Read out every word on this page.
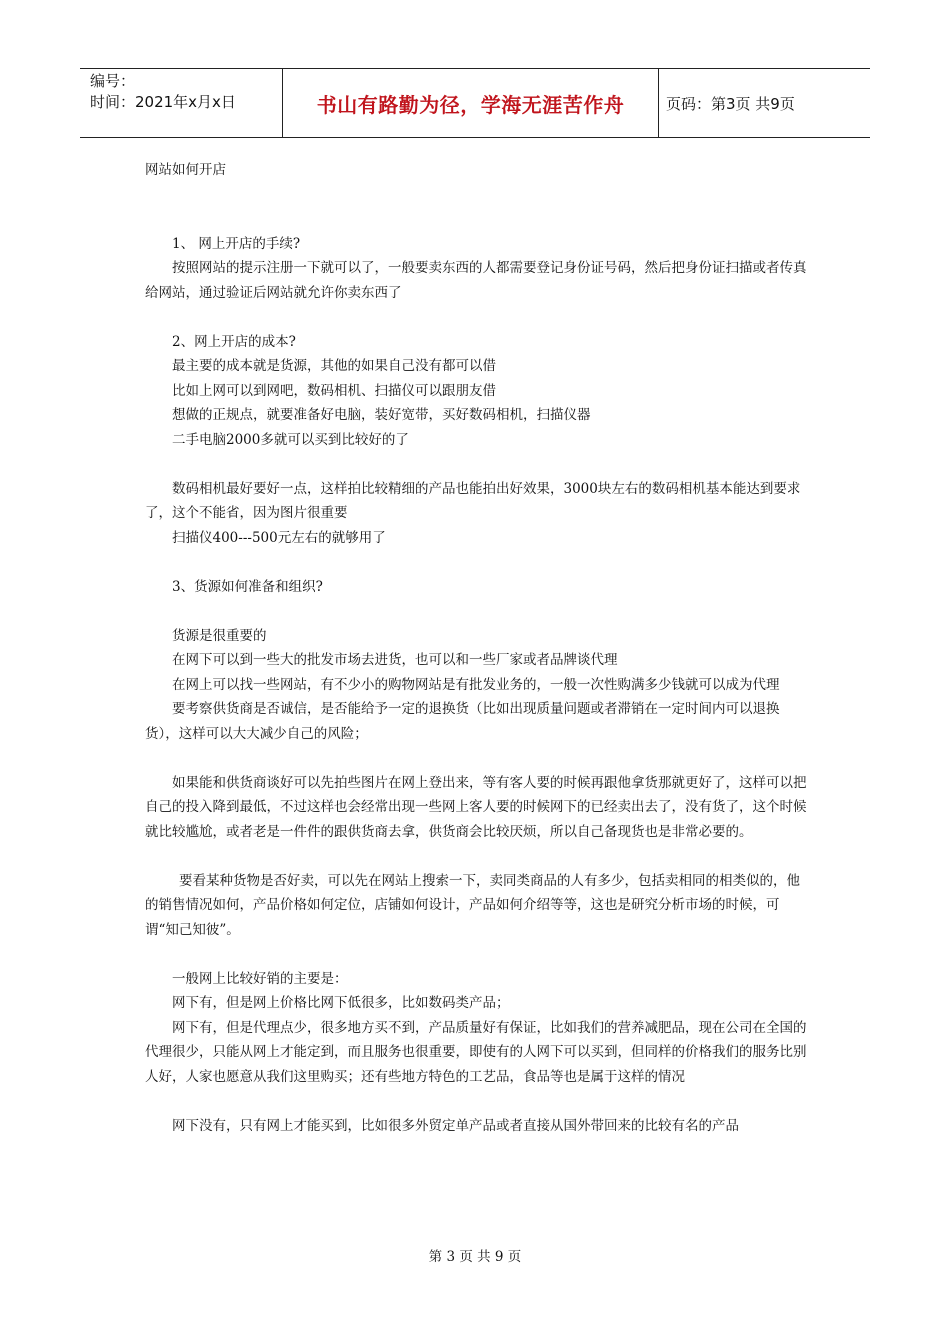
编号：
时间：2021年x月x日	书山有路勤为径，学海无涯苦作舟	页码：第3页 共9页

网站如何开店

1、 网上开店的手续?

按照网站的提示注册一下就可以了，一般要卖东西的人都需要登记身份证号码，然后把身份证扫描或者传真给网站，通过验证后网站就允许你卖东西了

2、网上开店的成本?

最主要的成本就是货源，其他的如果自己没有都可以借

比如上网可以到网吧，数码相机、扫描仪可以跟朋友借

想做的正规点，就要准备好电脑，装好宽带，买好数码相机，扫描仪器

二手电脑2000多就可以买到比较好的了

数码相机最好要好一点，这样拍比较精细的产品也能拍出好效果，3000块左右的数码相机基本能达到要求了，这个不能省，因为图片很重要

扫描仪400---500元左右的就够用了

3、货源如何准备和组织?

货源是很重要的

在网下可以到一些大的批发市场去进货，也可以和一些厂家或者品牌谈代理

在网上可以找一些网站，有不少小的购物网站是有批发业务的，一般一次性购满多少钱就可以成为代理

要考察供货商是否诚信，是否能给予一定的退换货（比如出现质量问题或者滞销在一定时间内可以退换货），这样可以大大减少自己的风险；

如果能和供货商谈好可以先拍些图片在网上登出来，等有客人要的时候再跟他拿货那就更好了，这样可以把自己的投入降到最低，不过这样也会经常出现一些网上客人要的时候网下的已经卖出去了，没有货了，这个时候就比较尴尬，或者老是一件件的跟供货商去拿，供货商会比较厌烦，所以自己备现货也是非常必要的。

要看某种货物是否好卖，可以先在网站上搜索一下，卖同类商品的人有多少，包括卖相同的相类似的，他的销售情况如何，产品价格如何定位，店铺如何设计，产品如何介绍等等，这也是研究分析市场的时候，可谓“知己知彼”。

一般网上比较好销的主要是：

网下有，但是网上价格比网下低很多，比如数码类产品；

网下有，但是代理点少，很多地方买不到，产品质量好有保证，比如我们的营养减肥品，现在公司在全国的代理很少，只能从网上才能定到，而且服务也很重要，即使有的人网下可以买到，但同样的价格我们的服务比别人好，人家也愿意从我们这里购买；还有些地方特色的工艺品，食品等也是属于这样的情况

网下没有，只有网上才能买到，比如很多外贸定单产品或者直接从国外带回来的比较有名的产品

第 3 页 共 9 页
